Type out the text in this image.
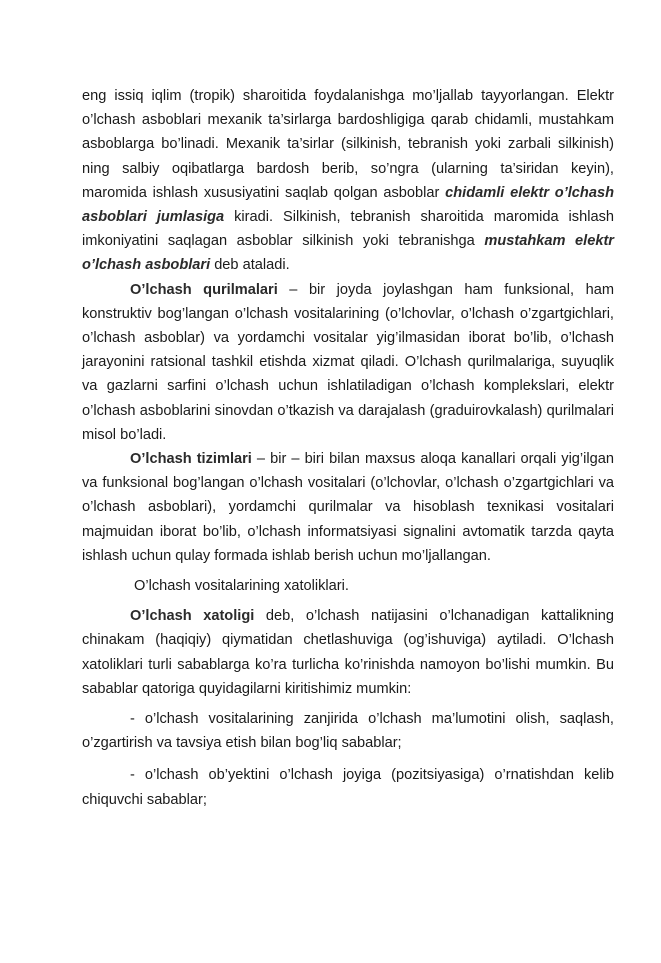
eng issiq iqlim (tropik) sharoitida foydalanishga mo’ljallab tayyorlangan. Elektr o’lchash asboblari mexanik ta’sirlarga bardoshligiga qarab chidamli, mustahkam asboblarga bo’linadi. Mexanik ta’sirlar (silkinish, tebranish yoki zarbali silkinish) ning salbiy oqibatlarga bardosh berib, so’ngra (ularning ta’siridan keyin), maromida ishlash xususiyatini saqlab qolgan asboblar chidamli elektr o’lchash asboblari jumlasiga kiradi. Silkinish, tebranish sharoitida maromida ishlash imkoniyatini saqlagan asboblar silkinish yoki tebranishga mustahkam elektr o’lchash asboblari deb ataladi.

O’lchash qurilmalari – bir joyda joylashgan ham funksional, ham konstruktiv bog’langan o’lchash vositalarining (o’lchovlar, o’lchash o’zgartgichlari, o’lchash asboblar) va yordamchi vositalar yig’ilmasidan iborat bo’lib, o’lchash jarayonini ratsional tashkil etishda xizmat qiladi. O’lchash qurilmalariga, suyuqlik va gazlarni sarfini o’lchash uchun ishlatiladigan o’lchash komplekslari, elektr o’lchash asboblarini sinovdan o’tkazish va darajalash (graduirovkalash) qurilmalari misol bo’ladi.

O’lchash tizimlari – bir – biri bilan maxsus aloqa kanallari orqali yig’ilgan va funksional bog’langan o’lchash vositalari (o’lchovlar, o’lchash o’zgartgichlari va o’lchash asboblari), yordamchi qurilmalar va hisoblash texnikasi vositalari majmuidan iborat bo’lib, o’lchash informatsiyasi signalini avtomatik tarzda qayta ishlash uchun qulay formada ishlab berish uchun mo’ljallangan.

O’lchash vositalarining xatoliklari.

O’lchash xatoligi deb, o’lchash natijasini o’lchanadigan kattalikning chinakam (haqiqiy) qiymatidan chetlashuviga (og’ishuviga) aytiladi. O’lchash xatoliklari turli sabablarga ko’ra turlicha ko’rinishda namoyon bo’lishi mumkin. Bu sabablar qatoriga quyidagilarni kiritishimiz mumkin:

- o’lchash vositalarining zanjirida o’lchash ma’lumotini olish, saqlash, o’zgartirish va tavsiya etish bilan bog’liq sabablar;

- o’lchash ob’yektini o’lchash joyiga (pozitsiyasiga) o’rnatishdan kelib chiquvchi sabablar;
